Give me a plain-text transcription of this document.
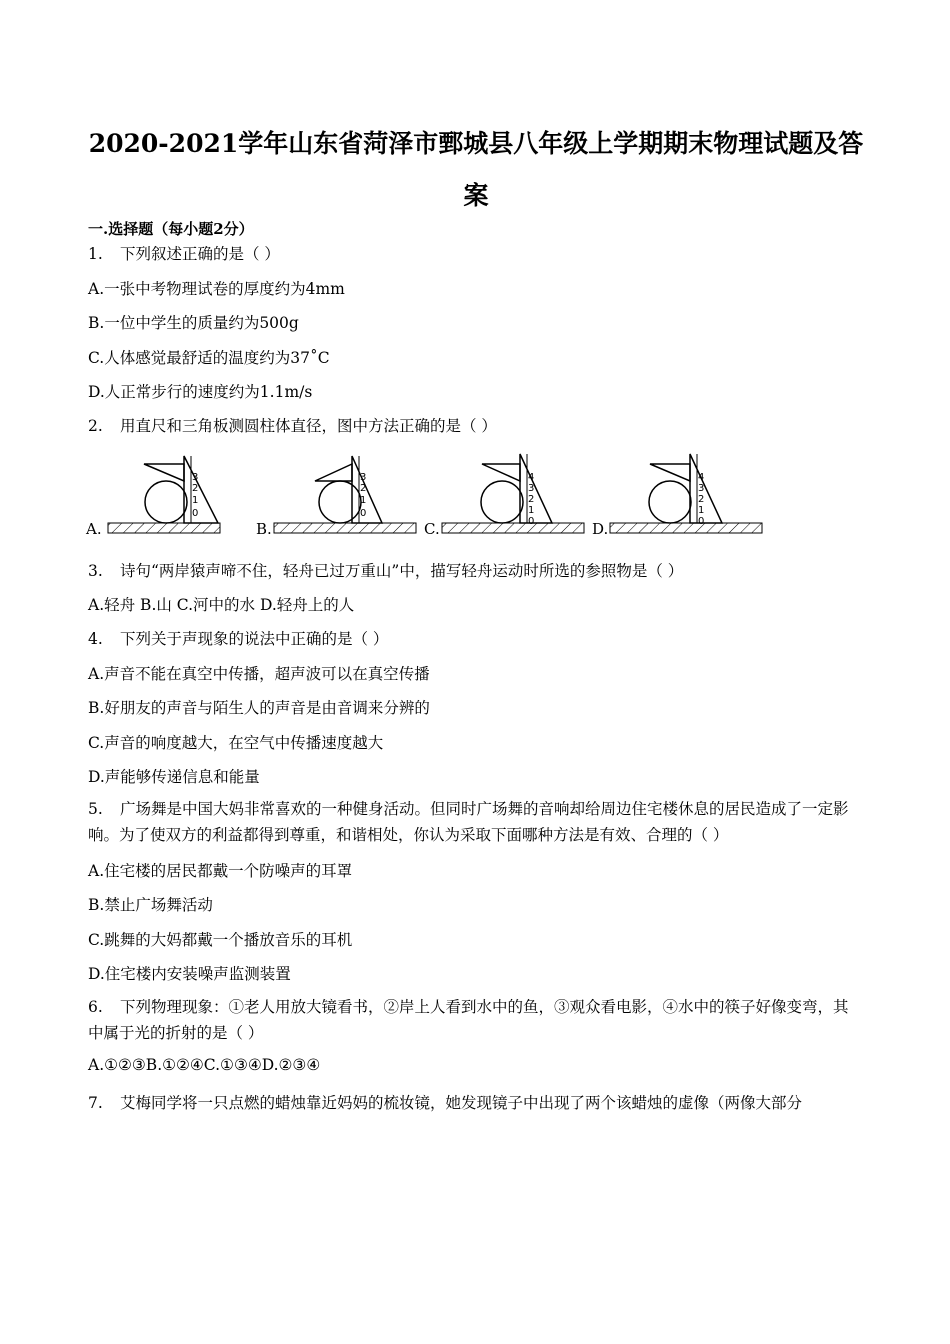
2020-2021学年山东省菏泽市鄄城县八年级上学期期末物理试题及答案
一.选择题（每小题2分）
1. 下列叙述正确的是（ ）
A.一张中考物理试卷的厚度约为4mm
B.一位中学生的质量约为500g
C.人体感觉最舒适的温度约为37˚C
D.人正常步行的速度约为1.1m/s
2. 用直尺和三角板测圆柱体直径，图中方法正确的是（ ）
A.
3
2
1
0
B.
3
2
1
0
C.
4
3
2
1
0	D.
4
3
2
1
0
3. 诗句“两岸猿声啼不住，轻舟已过万重山”中，描写轻舟运动时所选的参照物是（ ）
A.轻舟 B.山 C.河中的水 D.轻舟上的人
4. 下列关于声现象的说法中正确的是（ ）
A.声音不能在真空中传播，超声波可以在真空传播
B.好朋友的声音与陌生人的声音是由音调来分辨的
C.声音的响度越大，在空气中传播速度越大
D.声能够传递信息和能量
5. 广场舞是中国大妈非常喜欢的一种健身活动。但同时广场舞的音响却给周边住宅楼休息的居民造成了一定影响。为了使双方的利益都得到尊重，和谐相处，你认为采取下面哪种方法是有效、合理的（ ）
A.住宅楼的居民都戴一个防噪声的耳罩
B.禁止广场舞活动
C.跳舞的大妈都戴一个播放音乐的耳机
D.住宅楼内安装噪声监测装置
6. 下列物理现象：①老人用放大镜看书，②岸上人看到水中的鱼，③观众看电影，④水中的筷子好像变弯，其中属于光的折射的是（ ）
A.①②③B.①②④C.①③④D.②③④
7. 艾梅同学将一只点燃的蜡烛靠近妈妈的梳妆镜，她发现镜子中出现了两个该蜡烛的虚像（两像大部分
